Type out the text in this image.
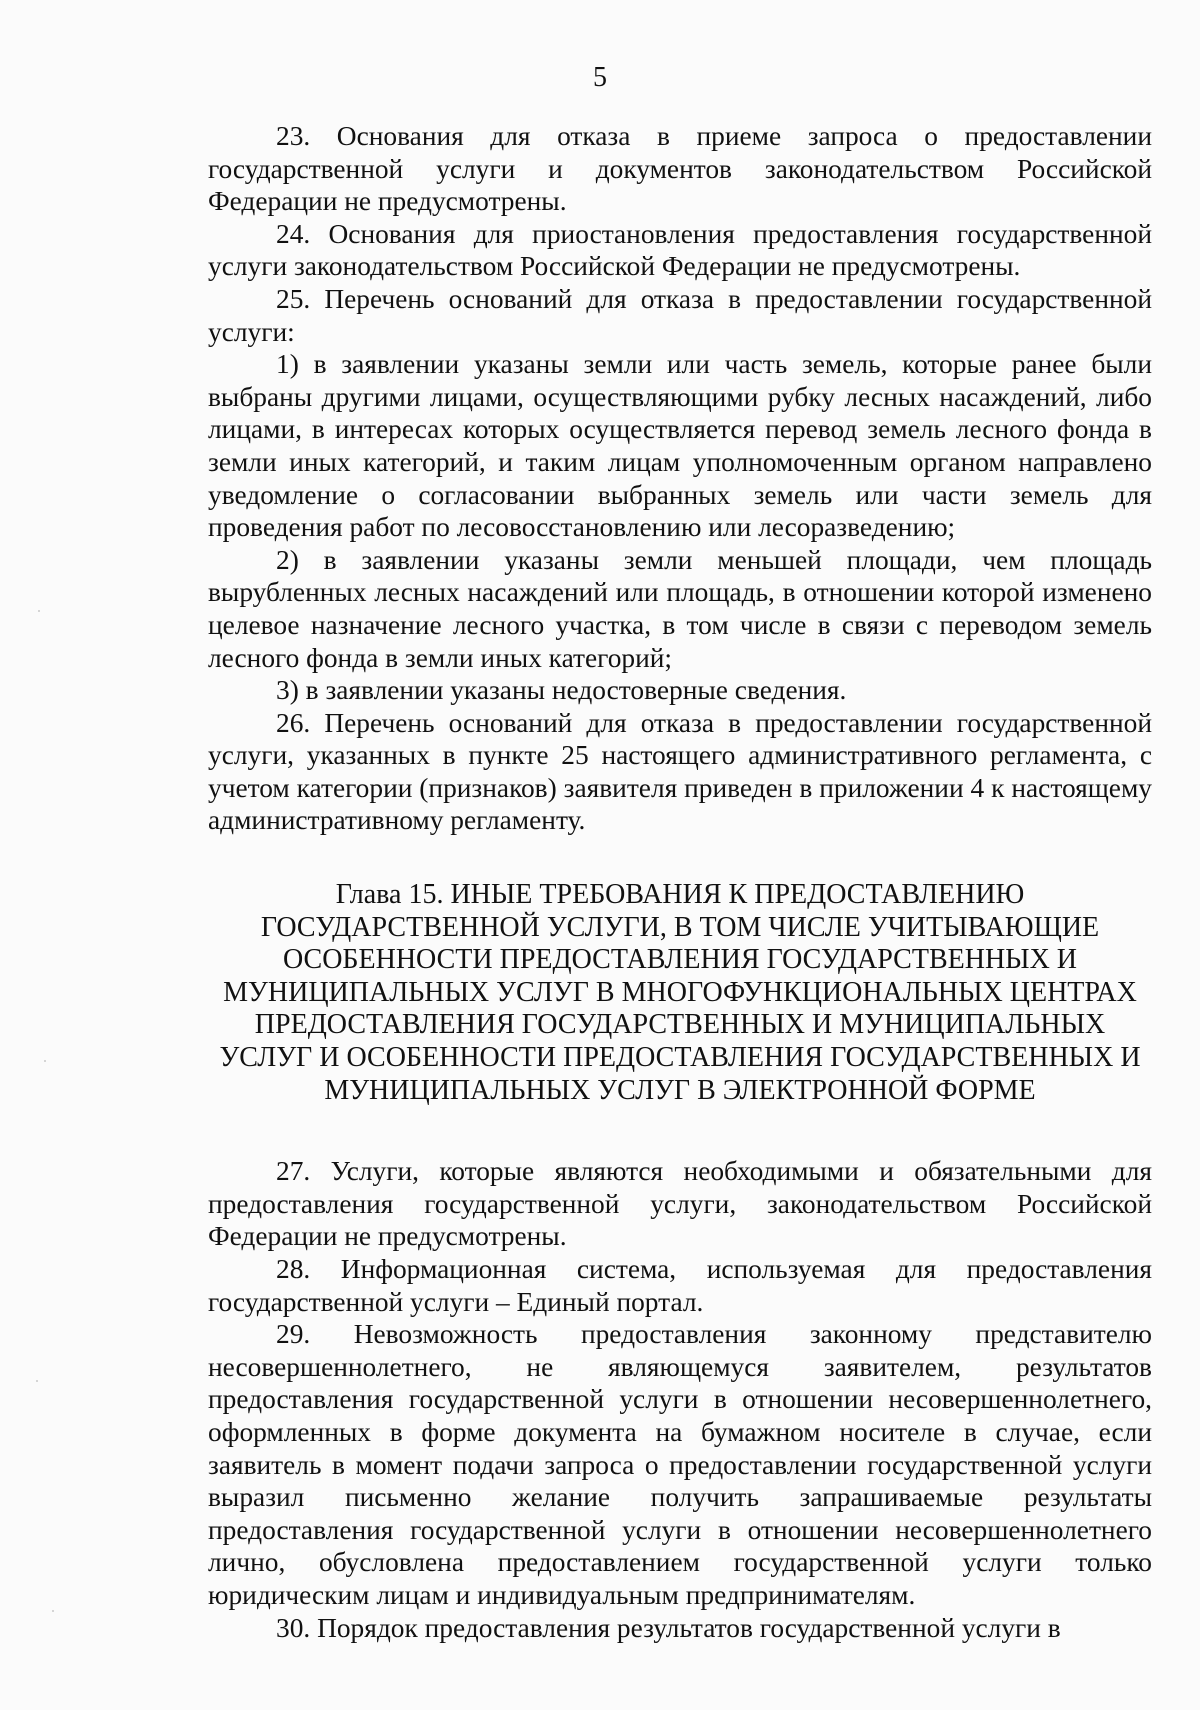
5

23. Основания для отказа в приеме запроса о предоставлении государственной услуги и документов законодательством Российской Федерации не предусмотрены.

24. Основания для приостановления предоставления государственной услуги законодательством Российской Федерации не предусмотрены.

25. Перечень оснований для отказа в предоставлении государственной услуги:

1) в заявлении указаны земли или часть земель, которые ранее были выбраны другими лицами, осуществляющими рубку лесных насаждений, либо лицами, в интересах которых осуществляется перевод земель лесного фонда в земли иных категорий, и таким лицам уполномоченным органом направлено уведомление о согласовании выбранных земель или части земель для проведения работ по лесовосстановлению или лесоразведению;

2) в заявлении указаны земли меньшей площади, чем площадь вырубленных лесных насаждений или площадь, в отношении которой изменено целевое назначение лесного участка, в том числе в связи с переводом земель лесного фонда в земли иных категорий;

3) в заявлении указаны недостоверные сведения.

26. Перечень оснований для отказа в предоставлении государственной услуги, указанных в пункте 25 настоящего административного регламента, с учетом категории (признаков) заявителя приведен в приложении 4 к настоящему административному регламенту.

Глава 15. ИНЫЕ ТРЕБОВАНИЯ К ПРЕДОСТАВЛЕНИЮ
ГОСУДАРСТВЕННОЙ УСЛУГИ, В ТОМ ЧИСЛЕ УЧИТЫВАЮЩИЕ
ОСОБЕННОСТИ ПРЕДОСТАВЛЕНИЯ ГОСУДАРСТВЕННЫХ И
МУНИЦИПАЛЬНЫХ УСЛУГ В МНОГОФУНКЦИОНАЛЬНЫХ ЦЕНТРАХ
ПРЕДОСТАВЛЕНИЯ ГОСУДАРСТВЕННЫХ И МУНИЦИПАЛЬНЫХ
УСЛУГ И ОСОБЕННОСТИ ПРЕДОСТАВЛЕНИЯ ГОСУДАРСТВЕННЫХ И
МУНИЦИПАЛЬНЫХ УСЛУГ В ЭЛЕКТРОННОЙ ФОРМЕ

27. Услуги, которые являются необходимыми и обязательными для предоставления государственной услуги, законодательством Российской Федерации не предусмотрены.

28. Информационная система, используемая для предоставления государственной услуги – Единый портал.

29. Невозможность предоставления законному представителю несовершеннолетнего, не являющемуся заявителем, результатов предоставления государственной услуги в отношении несовершеннолетнего, оформленных в форме документа на бумажном носителе в случае, если заявитель в момент подачи запроса о предоставлении государственной услуги выразил письменно желание получить запрашиваемые результаты предоставления государственной услуги в отношении несовершеннолетнего лично, обусловлена предоставлением государственной услуги только юридическим лицам и индивидуальным предпринимателям.

30. Порядок предоставления результатов государственной услуги в
